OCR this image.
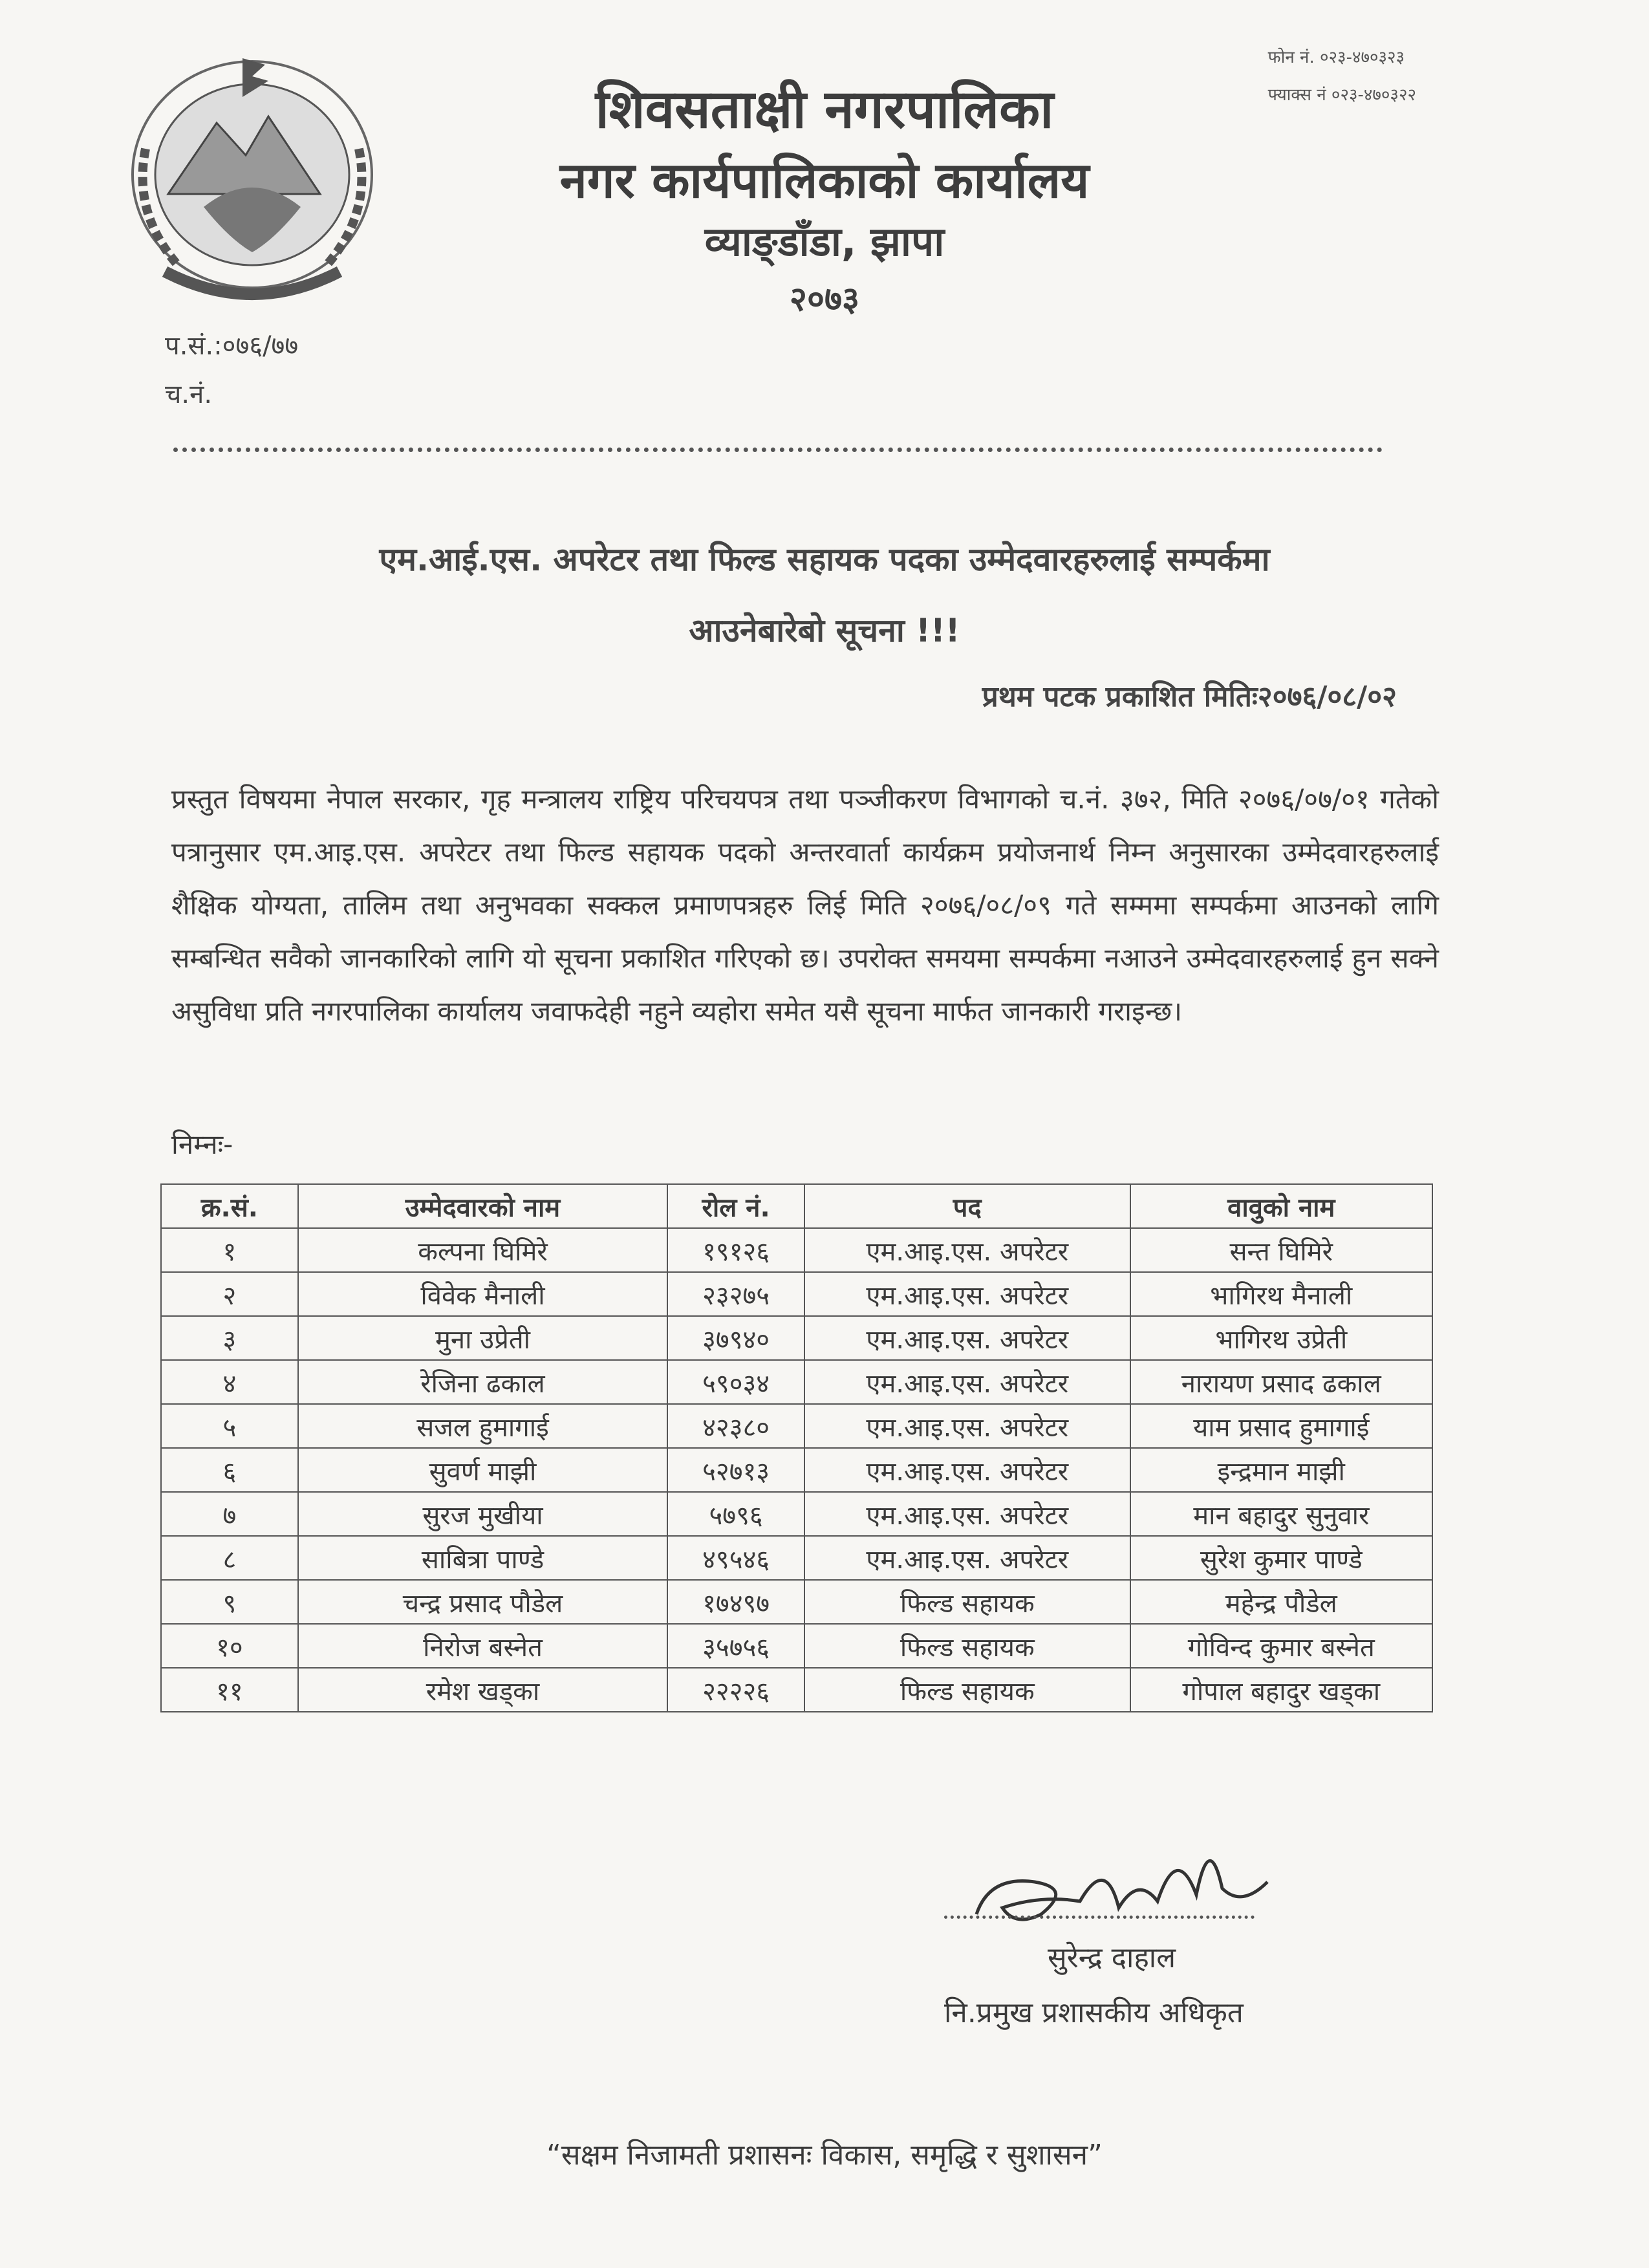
फोन नं. ०२३-४७०३२३
फ्याक्स नं ०२३-४७०३२२
शिवसताक्षी नगरपालिका
नगर कार्यपालिकाको कार्यालय
व्याङ्डाँडा, झापा
२०७३
प.सं.:०७६/७७
च.नं.
एम.आई.एस. अपरेटर तथा फिल्ड सहायक पदका उम्मेदवारहरुलाई सम्पर्कमा
आउनेबारेबो सूचना !!!
प्रथम पटक प्रकाशित मितिः२०७६/०८/०२
प्रस्तुत विषयमा नेपाल सरकार, गृह मन्त्रालय राष्ट्रिय परिचयपत्र तथा पञ्जीकरण विभागको च.नं. ३७२, मिति २०७६/०७/०१ गतेको पत्रानुसार एम.आइ.एस. अपरेटर तथा फिल्ड सहायक पदको अन्तरवार्ता कार्यक्रम प्रयोजनार्थ निम्न अनुसारका उम्मेदवारहरुलाई शैक्षिक योग्यता, तालिम तथा अनुभवका सक्कल प्रमाणपत्रहरु लिई मिति २०७६/०८/०९ गते सम्ममा सम्पर्कमा आउनको लागि सम्बन्धित सवैको जानकारिको लागि यो सूचना प्रकाशित गरिएको छ। उपरोक्त समयमा सम्पर्कमा नआउने उम्मेदवारहरुलाई हुन सक्ने असुविधा प्रति नगरपालिका कार्यालय जवाफदेही नहुने व्यहोरा समेत यसै सूचना मार्फत जानकारी गराइन्छ।
निम्नः-
क्र.सं.	उम्मेदवारको नाम	रोल नं.	पद	वावुको नाम
१	कल्पना घिमिरे	१९१२६	एम.आइ.एस. अपरेटर	सन्त घिमिरे
२	विवेक मैनाली	२३२७५	एम.आइ.एस. अपरेटर	भागिरथ मैनाली
३	मुना उप्रेती	३७९४०	एम.आइ.एस. अपरेटर	भागिरथ उप्रेती
४	रेजिना ढकाल	५९०३४	एम.आइ.एस. अपरेटर	नारायण प्रसाद ढकाल
५	सजल हुमागाई	४२३८०	एम.आइ.एस. अपरेटर	याम प्रसाद हुमागाई
६	सुवर्ण माझी	५२७१३	एम.आइ.एस. अपरेटर	इन्द्रमान माझी
७	सुरज मुखीया	५७९६	एम.आइ.एस. अपरेटर	मान बहादुर सुनुवार
८	साबित्रा पाण्डे	४९५४६	एम.आइ.एस. अपरेटर	सुरेश कुमार पाण्डे
९	चन्द्र प्रसाद पौडेल	१७४९७	फिल्ड सहायक	महेन्द्र पौडेल
१०	निरोज बस्नेत	३५७५६	फिल्ड सहायक	गोविन्द कुमार बस्नेत
११	रमेश खड्का	२२२२६	फिल्ड सहायक	गोपाल बहादुर खड्का
सुरेन्द्र दाहाल
नि.प्रमुख प्रशासकीय अधिकृत
“सक्षम निजामती प्रशासनः विकास, समृद्धि र सुशासन”
